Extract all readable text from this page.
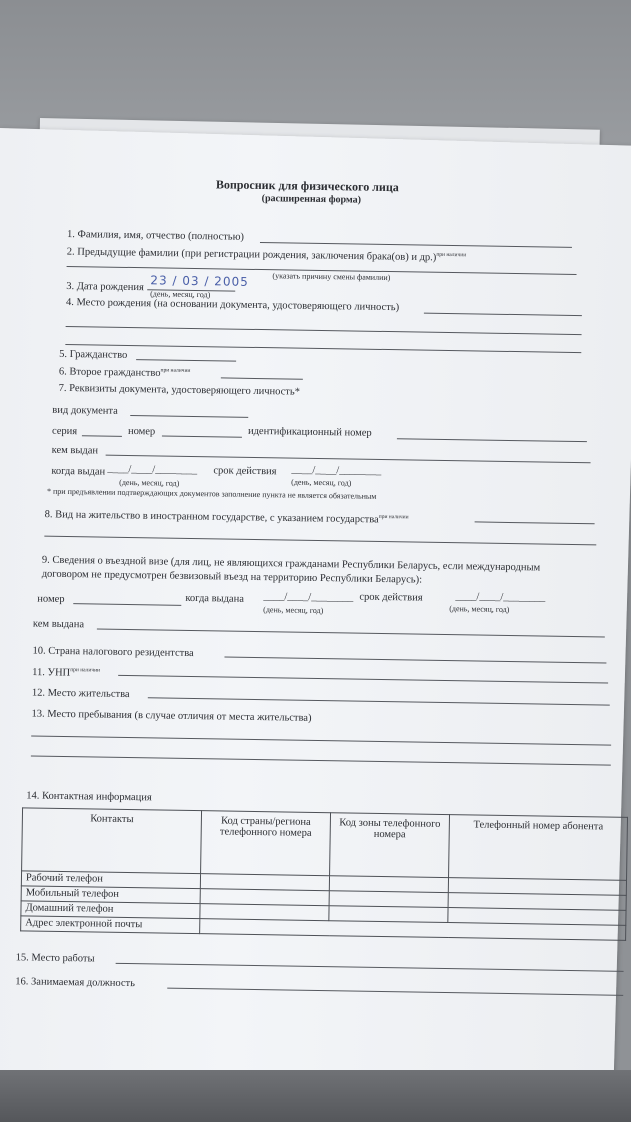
Вопросник для физического лица
(расширенная форма)
1. Фамилия, имя, отчество (полностью)
2. Предыдущие фамилии (при регистрации рождения, заключения брака(ов) и др.)$^{при наличии}$
(указать причину смены фамилии)
3. Дата рождения 23 / 03 / 2005
(день, месяц, год)
4. Место рождения (на основании документа, удостоверяющего личность)
5. Гражданство
6. Второе гражданство$^{при наличии}$
7. Реквизиты документа, удостоверяющего личность*
вид документа
серия	номер	идентификационный номер
кем выдан
когда выдан ____/____/________
(день, месяц, год)
срок действия ____/____/________
(день, месяц, год)
* при предъявлении подтверждающих документов заполнение пункта не является обязательным
8. Вид на жительство в иностранном государстве, с указанием государства$^{при наличии}$
9. Сведения о въездной визе (для лиц, не являющихся гражданами Республики Беларусь, если международным
договором не предусмотрен безвизовый въезд на территорию Республики Беларусь):
номер	когда выдана ____/____/________
(день, месяц, год)
срок действия	____/____/________
(день, месяц, год)
кем выдана
10. Страна налогового резидентства
11. $УНП^{при наличии}$
12. Место жительства
13. Место пребывания (в случае отличия от места жительства)
14. Контактная информация
Контакты	Код страны/региона телефонного номера	Код зоны телефонного номера	Телефонный номер абонента
Рабочий телефон			
Мобильный телефон			
Домашний телефон			
Адрес электронной почты			
15. Место работы
16. Занимаемая должность
